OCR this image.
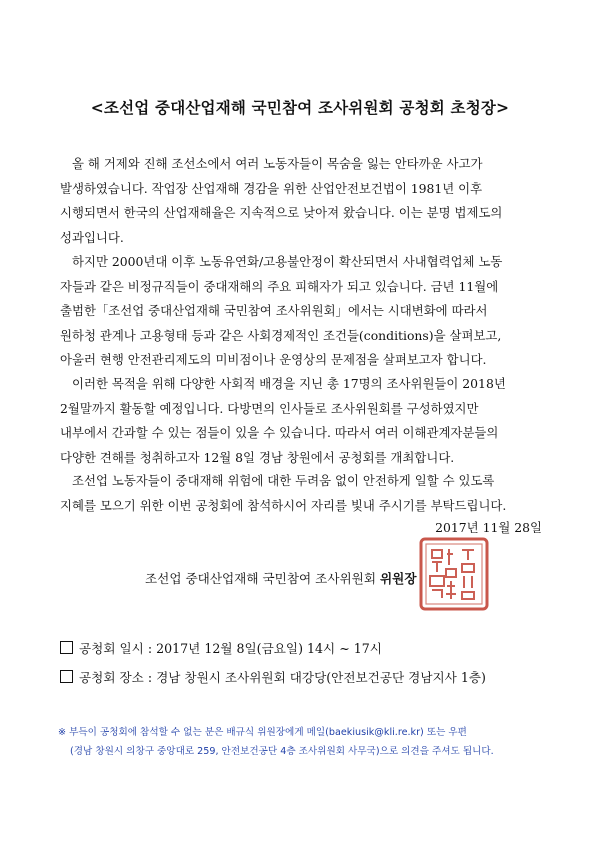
<조선업 중대산업재해 국민참여 조사위원회 공청회 초청장>
올 해 거제와 진해 조선소에서 여러 노동자들이 목숨을 잃는 안타까운 사고가
발생하였습니다. 작업장 산업재해 경감을 위한 산업안전보건법이 1981년 이후
시행되면서 한국의 산업재해율은 지속적으로 낮아져 왔습니다. 이는 분명 법제도의
성과입니다.
하지만 2000년대 이후 노동유연화/고용불안정이 확산되면서 사내협력업체 노동
자들과 같은 비정규직들이 중대재해의 주요 피해자가 되고 있습니다. 금년 11월에
출범한「조선업 중대산업재해 국민참여 조사위원회」에서는 시대변화에 따라서
원하청 관계나 고용형태 등과 같은 사회경제적인 조건들(conditions)을 살펴보고,
아울러 현행 안전관리제도의 미비점이나 운영상의 문제점을 살펴보고자 합니다.
이러한 목적을 위해 다양한 사회적 배경을 지닌 총 17명의 조사위원들이 2018년
2월말까지 활동할 예정입니다. 다방면의 인사들로 조사위원회를 구성하였지만
내부에서 간과할 수 있는 점들이 있을 수 있습니다. 따라서 여러 이해관계자분들의
다양한 견해를 청취하고자 12월 8일 경남 창원에서 공청회를 개최합니다.
조선업 노동자들이 중대재해 위험에 대한 두려움 없이 안전하게 일할 수 있도록
지혜를 모으기 위한 이번 공청회에 참석하시어 자리를 빛내 주시기를 부탁드립니다.
2017년 11월 28일
조선업 중대산업재해 국민참여 조사위원회 위원장
공청회 일시 : 2017년 12월 8일(금요일) 14시 ~ 17시
공청회 장소 : 경남 창원시 조사위원회 대강당(안전보건공단 경남지사 1층)
※ 부득이 공청회에 참석할 수 없는 분은 배규식 위원장에게 메일(baekiusik@kli.re.kr) 또는 우편
(경남 창원시 의창구 중앙대로 259, 안전보건공단 4층 조사위원회 사무국)으로 의견을 주셔도 됩니다.
